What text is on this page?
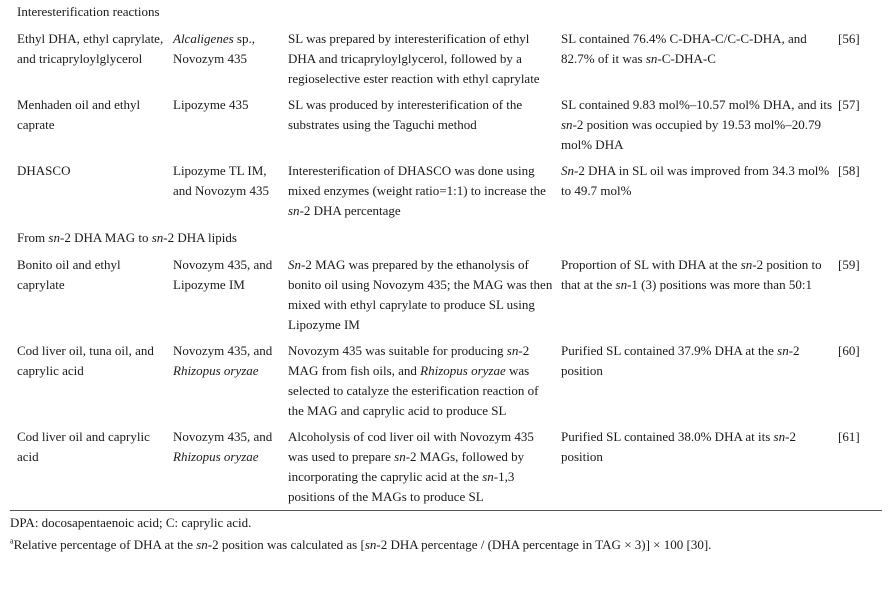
Interesterification reactions
Ethyl DHA, ethyl caprylate, and tricapryloylglycerol
Alcaligenes sp., Novozym 435
SL was prepared by interesterification of ethyl DHA and tricapryloylglycerol, followed by a regioselective ester reaction with ethyl caprylate
SL contained 76.4% C-DHA-C/C-C-DHA, and 82.7% of it was sn-C-DHA-C
[56]
Menhaden oil and ethyl caprate
Lipozyme 435	SL was produced by interesterification of the substrates using the Taguchi method
SL contained 9.83 mol%–10.57 mol% DHA, and its sn-2 position was occupied by 19.53 mol%–20.79 mol% DHA
[57]
DHASCO	Lipozyme TL IM, and Novozym 435
Interesterification of DHASCO was done using mixed enzymes (weight ratio=1:1) to increase the sn-2 DHA percentage
Sn-2 DHA in SL oil was improved from 34.3 mol% to 49.7 mol%
[58]
From sn-2 DHA MAG to sn-2 DHA lipids
Bonito oil and ethyl caprylate
Novozym 435, and Lipozyme IM
Sn-2 MAG was prepared by the ethanolysis of bonito oil using Novozym 435; the MAG was then mixed with ethyl caprylate to produce SL using Lipozyme IM
Proportion of SL with DHA at the sn-2 position to that at the sn-1 (3) positions was more than 50:1
[59]
Cod liver oil, tuna oil, and caprylic acid
Novozym 435, and Rhizopus oryzae
Novozym 435 was suitable for producing sn-2 MAG from fish oils, and Rhizopus oryzae was selected to catalyze the esterification reaction of the MAG and caprylic acid to produce SL
Purified SL contained 37.9% DHA at the sn-2 position
[60]
Cod liver oil and caprylic acid
Novozym 435, and Rhizopus oryzae
Alcoholysis of cod liver oil with Novozym 435 was used to prepare sn-2 MAGs, followed by incorporating the caprylic acid at the sn-1,3 positions of the MAGs to produce SL
Purified SL contained 38.0% DHA at its sn-2 position
[61]
DPA: docosapentaenoic acid; C: caprylic acid.
$^a$Relative percentage of DHA at the sn-2 position was calculated as [sn-2 DHA percentage / (DHA percentage in TAG × 3)] × 100 [30].
